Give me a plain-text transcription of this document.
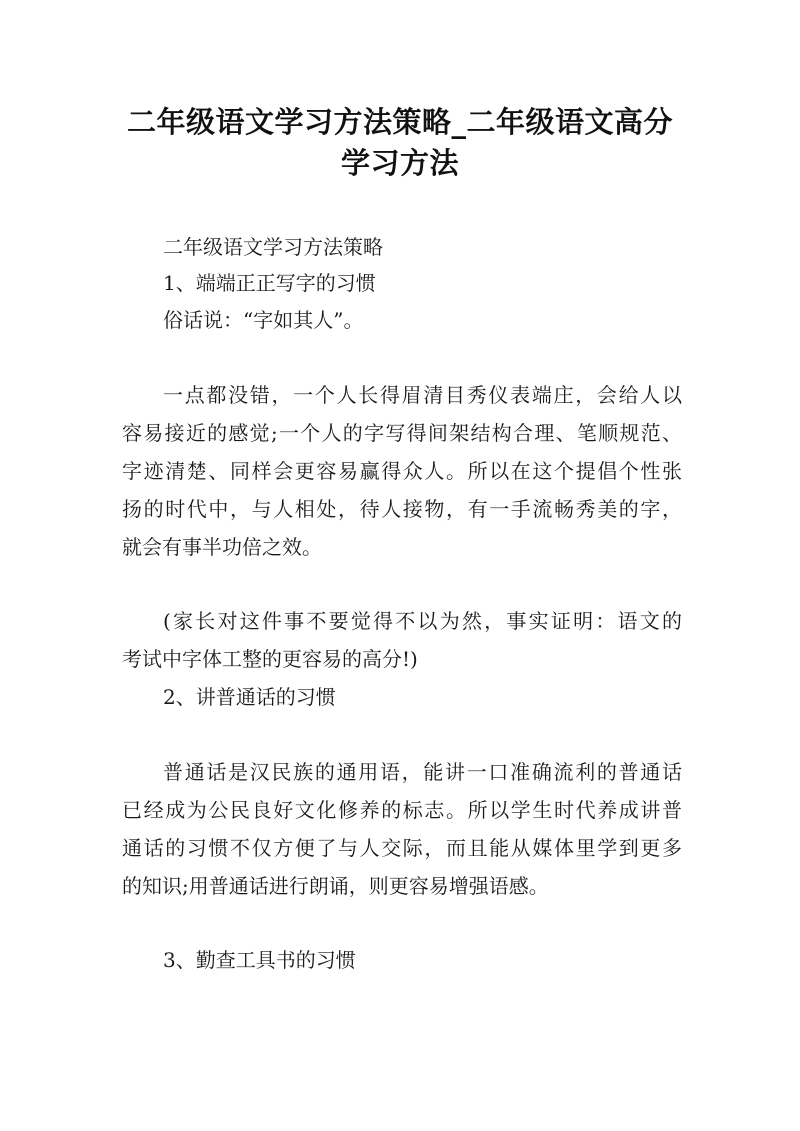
二年级语文学习方法策略_二年级语文高分
学习方法
二年级语文学习方法策略
1、端端正正写字的习惯
俗话说：“字如其人”。
一点都没错，一个人长得眉清目秀仪表端庄，会给人以
容易接近的感觉;一个人的字写得间架结构合理、笔顺规范、
字迹清楚、同样会更容易赢得众人。所以在这个提倡个性张
扬的时代中，与人相处，待人接物，有一手流畅秀美的字，
就会有事半功倍之效。
(家长对这件事不要觉得不以为然，事实证明：语文的
考试中字体工整的更容易的高分!)
2、讲普通话的习惯
普通话是汉民族的通用语，能讲一口准确流利的普通话
已经成为公民良好文化修养的标志。所以学生时代养成讲普
通话的习惯不仅方便了与人交际，而且能从媒体里学到更多
的知识;用普通话进行朗诵，则更容易增强语感。
3、勤查工具书的习惯
